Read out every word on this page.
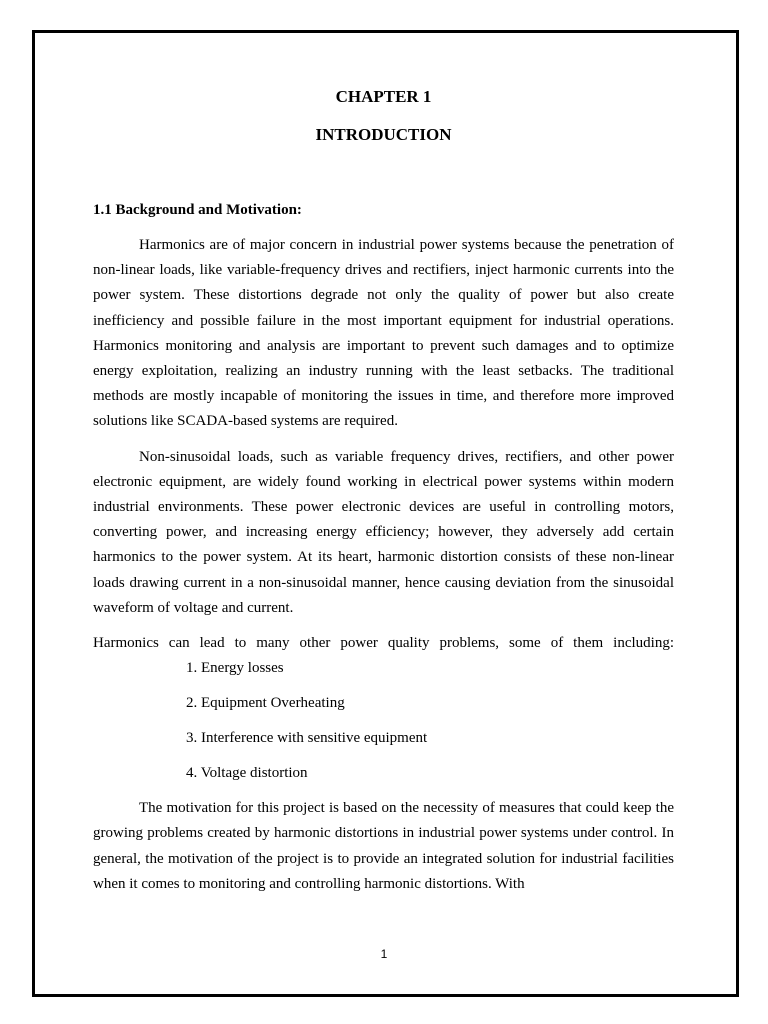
CHAPTER 1
INTRODUCTION
1.1 Background and Motivation:

Harmonics are of major concern in industrial power systems because the penetration of non-linear loads, like variable-frequency drives and rectifiers, inject harmonic currents into the power system. These distortions degrade not only the quality of power but also create inefficiency and possible failure in the most important equipment for industrial operations. Harmonics monitoring and analysis are important to prevent such damages and to optimize energy exploitation, realizing an industry running with the least setbacks. The traditional methods are mostly incapable of monitoring the issues in time, and therefore more improved solutions like SCADA-based systems are required.

Non-sinusoidal loads, such as variable frequency drives, rectifiers, and other power electronic equipment, are widely found working in electrical power systems within modern industrial environments. These power electronic devices are useful in controlling motors, converting power, and increasing energy efficiency; however, they adversely add certain harmonics to the power system. At its heart, harmonic distortion consists of these non-linear loads drawing current in a non-sinusoidal manner, hence causing deviation from the sinusoidal waveform of voltage and current.

Harmonics can lead to many other power quality problems, some of them including:

1. Energy losses
2. Equipment Overheating
3. Interference with sensitive equipment
4. Voltage distortion

The motivation for this project is based on the necessity of measures that could keep the growing problems created by harmonic distortions in industrial power systems under control. In general, the motivation of the project is to provide an integrated solution for industrial facilities when it comes to monitoring and controlling harmonic distortions. With

1
